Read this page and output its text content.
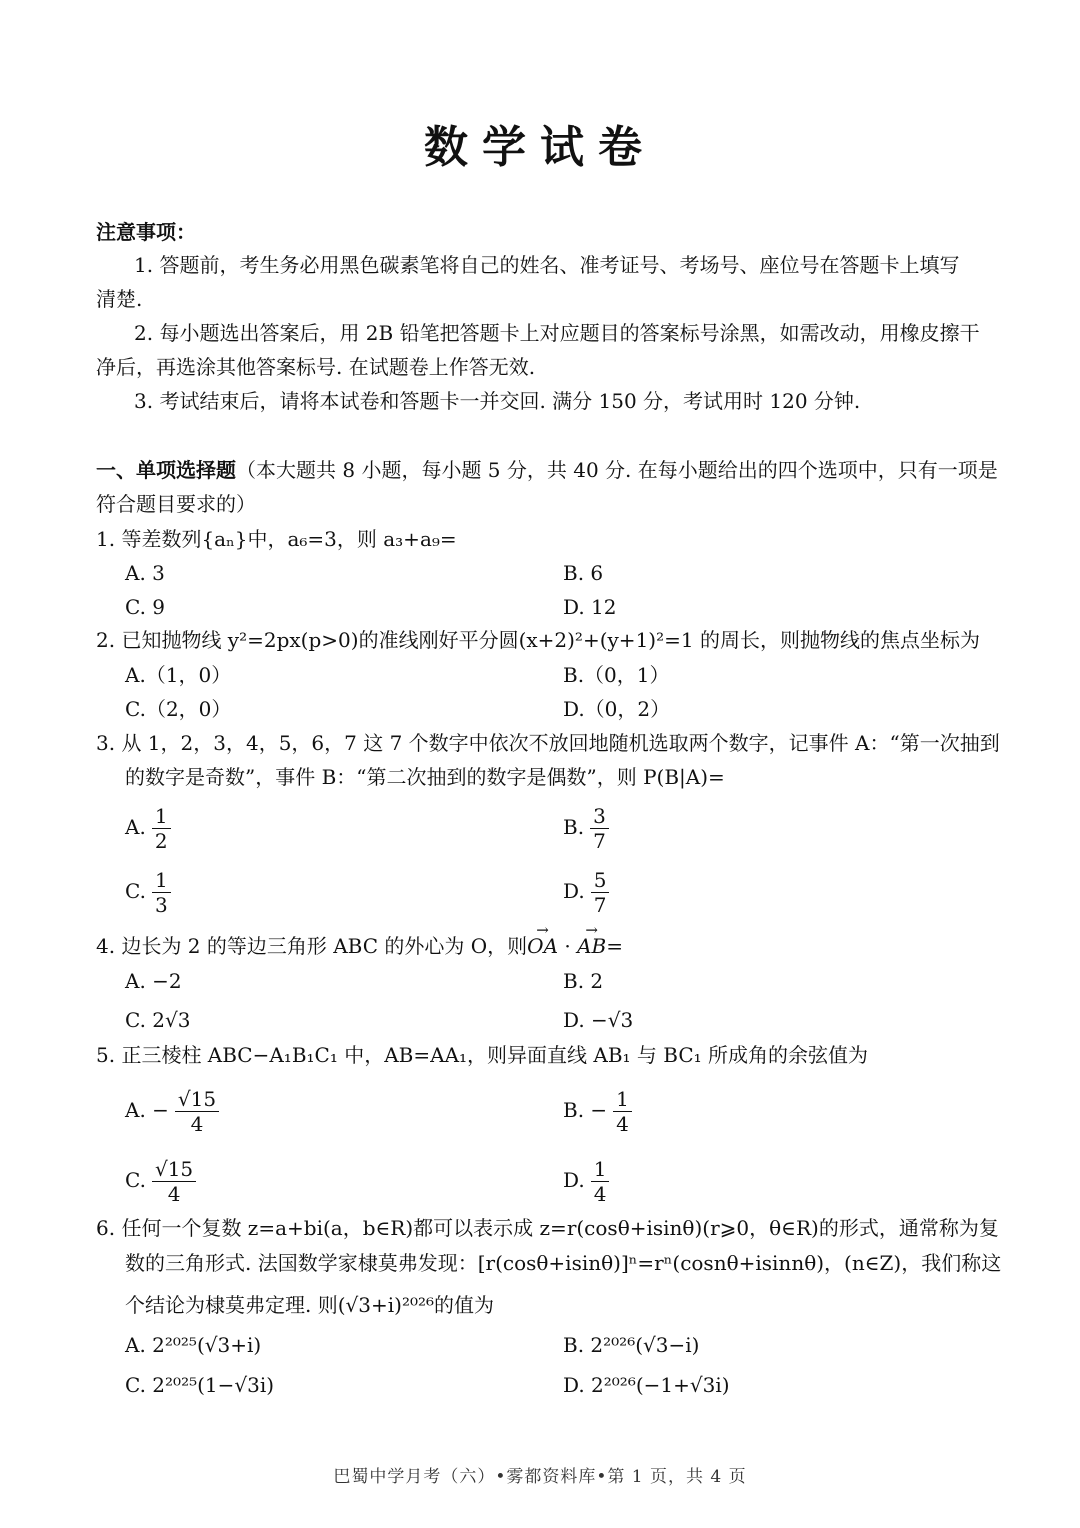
数学试卷
注意事项：
1. 答题前，考生务必用黑色碳素笔将自己的姓名、准考证号、考场号、座位号在答题卡上填写
清楚.
2. 每小题选出答案后，用 2B 铅笔把答题卡上对应题目的答案标号涂黑，如需改动，用橡皮擦干
净后，再选涂其他答案标号. 在试题卷上作答无效.
3. 考试结束后，请将本试卷和答题卡一并交回. 满分 150 分，考试用时 120 分钟.
一、单项选择题（本大题共 8 小题，每小题 5 分，共 40 分. 在每小题给出的四个选项中，只有一项是
符合题目要求的）
1. 等差数列{aₙ}中，a₆=3，则 a₃+a₉=
A. 3	B. 6
C. 9	D. 12
2. 已知抛物线 y²=2px(p>0)的准线刚好平分圆(x+2)²+(y+1)²=1 的周长，则抛物线的焦点坐标为
A.（1，0）	B.（0，1）
C.（2，0）	D.（0，2）
3. 从 1，2，3，4，5，6，7 这 7 个数字中依次不放回地随机选取两个数字，记事件 A：“第一次抽到
的数字是奇数”，事件 B：“第二次抽到的数字是偶数”，则 P(B|A)=
A. $\frac{1}{2}$	B. $\frac{3}{7}$
C. $\frac{1}{3}$	D. $\frac{5}{7}$
4. 边长为 2 的等边三角形 ABC 的外心为 O，则→ OA · → AB=
A. −2	B. 2
C. 2√3	D. −√3
5. 正三棱柱 ABC−A₁B₁C₁ 中，AB=AA₁，则异面直线 AB₁ 与 BC₁ 所成角的余弦值为
A. − $\frac{√15}{4}$	B. − $\frac{1}{4}$
C. $\frac{√15}{4}$	D. $\frac{1}{4}$
6. 任何一个复数 z=a+bi(a，b∈R)都可以表示成 z=r(cosθ+isinθ)(r⩾0，θ∈R)的形式，通常称为复
数的三角形式. 法国数学家棣莫弗发现：[r(cosθ+isinθ)]ⁿ=rⁿ(cosnθ+isinnθ)，(n∈Z)，我们称这
个结论为棣莫弗定理. 则(√3+i)²⁰²⁶的值为
A. 2²⁰²⁵(√3+i)	B. 2²⁰²⁶(√3−i)
C. 2²⁰²⁵(1−√3i)	D. 2²⁰²⁶(−1+√3i)
巴蜀中学月考（六）•雾都资料库•第 1 页，共 4 页
